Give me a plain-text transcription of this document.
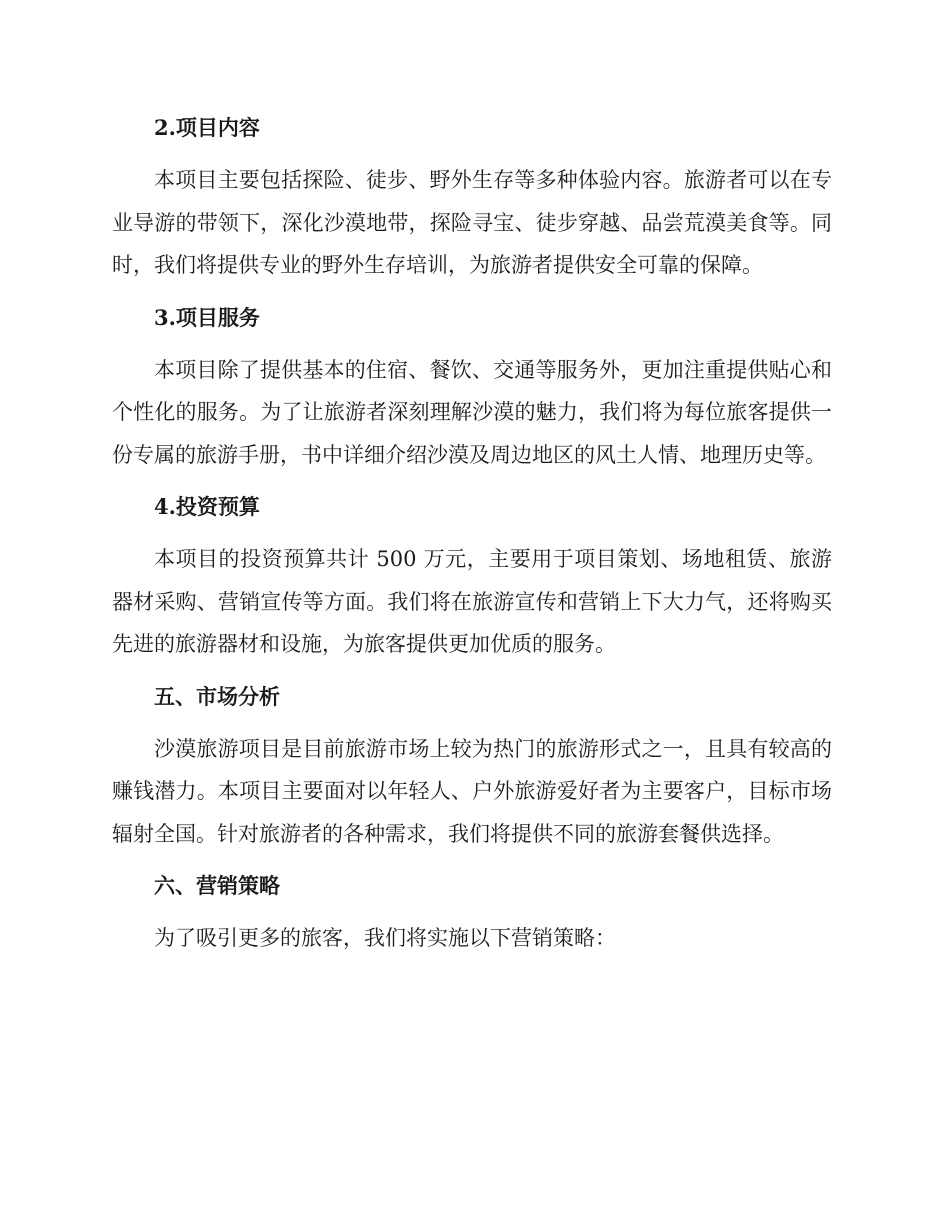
2.项目内容

本项目主要包括探险、徒步、野外生存等多种体验内容。旅游者可以在专业导游的带领下，深化沙漠地带，探险寻宝、徒步穿越、品尝荒漠美食等。同时，我们将提供专业的野外生存培训，为旅游者提供安全可靠的保障。

3.项目服务

本项目除了提供基本的住宿、餐饮、交通等服务外，更加注重提供贴心和个性化的服务。为了让旅游者深刻理解沙漠的魅力，我们将为每位旅客提供一份专属的旅游手册，书中详细介绍沙漠及周边地区的风土人情、地理历史等。

4.投资预算

本项目的投资预算共计 500 万元，主要用于项目策划、场地租赁、旅游器材采购、营销宣传等方面。我们将在旅游宣传和营销上下大力气，还将购买先进的旅游器材和设施，为旅客提供更加优质的服务。

五、市场分析

沙漠旅游项目是目前旅游市场上较为热门的旅游形式之一，且具有较高的赚钱潜力。本项目主要面对以年轻人、户外旅游爱好者为主要客户，目标市场辐射全国。针对旅游者的各种需求，我们将提供不同的旅游套餐供选择。

六、营销策略

为了吸引更多的旅客，我们将实施以下营销策略：
